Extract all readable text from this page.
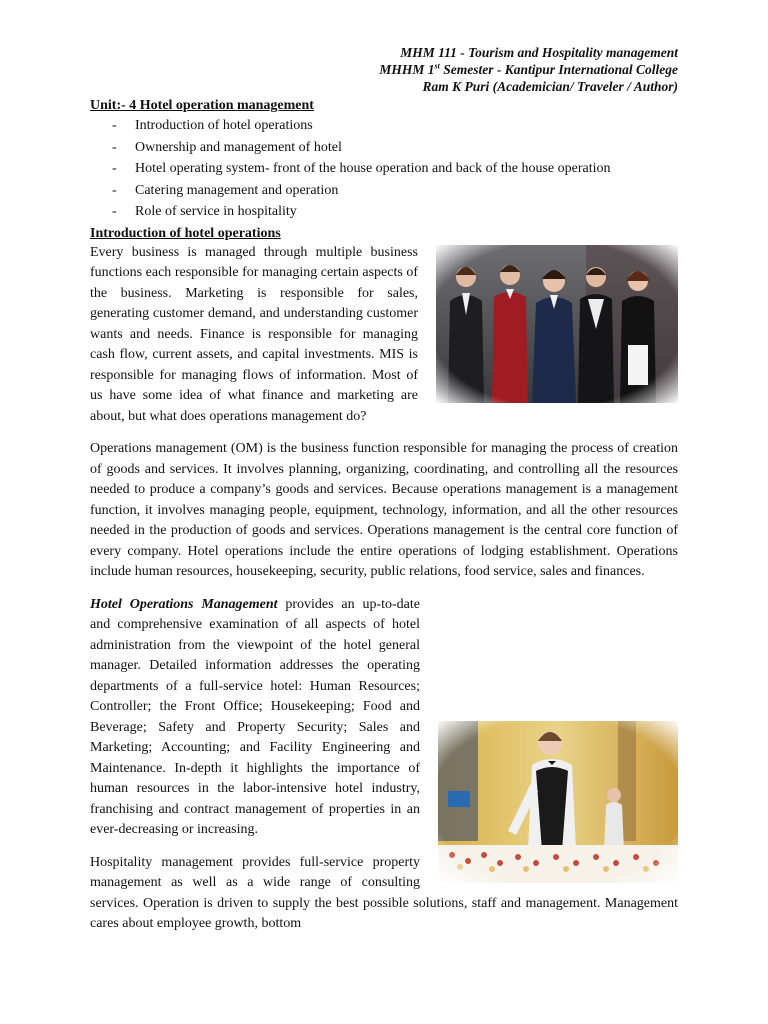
MHM 111 - Tourism and Hospitality management
MHHM 1st Semester - Kantipur International College
Ram K Puri (Academician/ Traveler / Author)
Unit:- 4 Hotel operation management
-	Introduction of hotel operations
-	Ownership and management of hotel
-	Hotel operating system- front of the house operation and back of the house operation
-	Catering management and operation
-	Role of service in hospitality
Introduction of hotel operations

Every business is managed through multiple business functions each responsible for managing certain aspects of the business. Marketing is responsible for sales, generating customer demand, and understanding customer wants and needs. Finance is responsible for managing cash flow, current assets, and capital investments. MIS is responsible for managing flows of information. Most of us have some idea of what finance and marketing are about, but what does operations management do?

Operations management (OM) is the business function responsible for managing the process of creation of goods and services. It involves planning, organizing, coordinating, and controlling all the resources needed to produce a company’s goods and services. Because operations management is a management function, it involves managing people, equipment, technology, information, and all the other resources needed in the production of goods and services. Operations management is the central core function of every company. Hotel operations include the entire operations of lodging establishment. Operations include human resources, housekeeping, security, public relations, food service, sales and finances.

Hotel Operations Management provides an up-to-date and comprehensive examination of all aspects of hotel administration from the viewpoint of the hotel general manager. Detailed information addresses the operating departments of a full-service hotel: Human Resources; Controller; the Front Office; Housekeeping; Food and Beverage; Safety and Property Security; Sales and Marketing; Accounting; and Facility Engineering and Maintenance. In-depth it highlights the importance of human resources in the labor-intensive hotel industry, franchising and contract management of properties in an ever-decreasing or increasing.

Hospitality management provides full-service property management as well as a wide range of consulting services. Operation is driven to supply the best possible solutions, staff and management. Management cares about employee growth, bottom
